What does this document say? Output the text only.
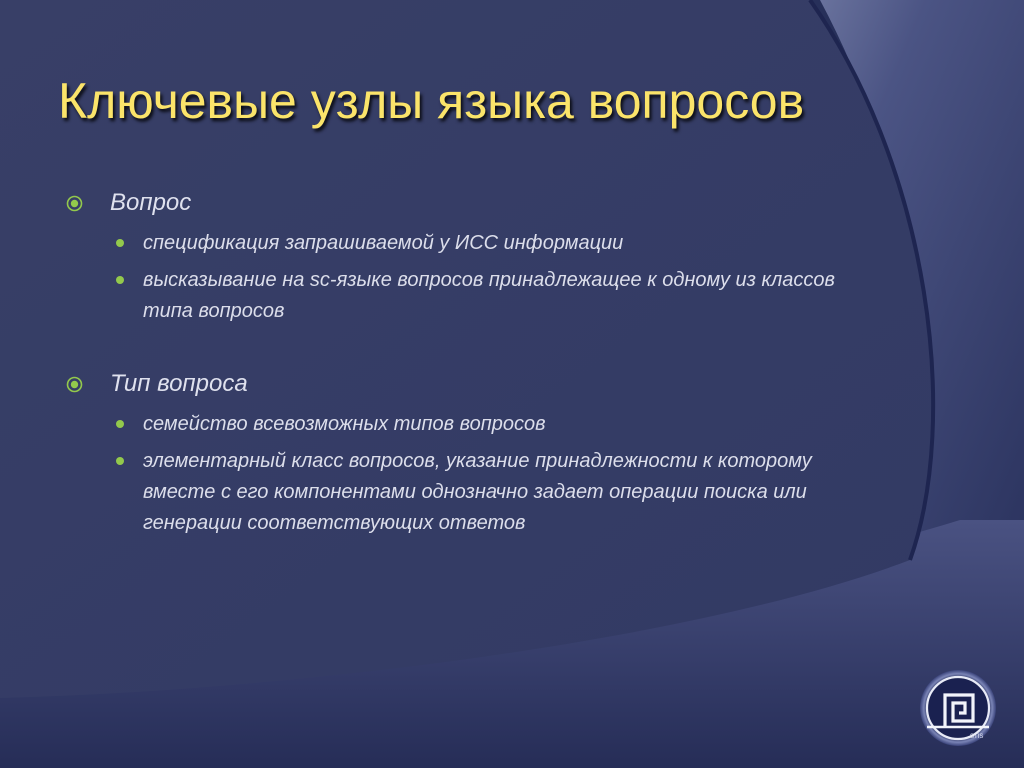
Ключевые узлы языка вопросов
Вопрос
спецификация запрашиваемой у ИСС информации
высказывание на sc-языке вопросов принадлежащее к одному из классов типа вопросов
Тип вопроса
семейство всевозможных типов вопросов
элементарный класс вопросов, указание принадлежности к которому вместе с его компонентами однозначно задает операции поиска или генерации соответствующих ответов
STIS
